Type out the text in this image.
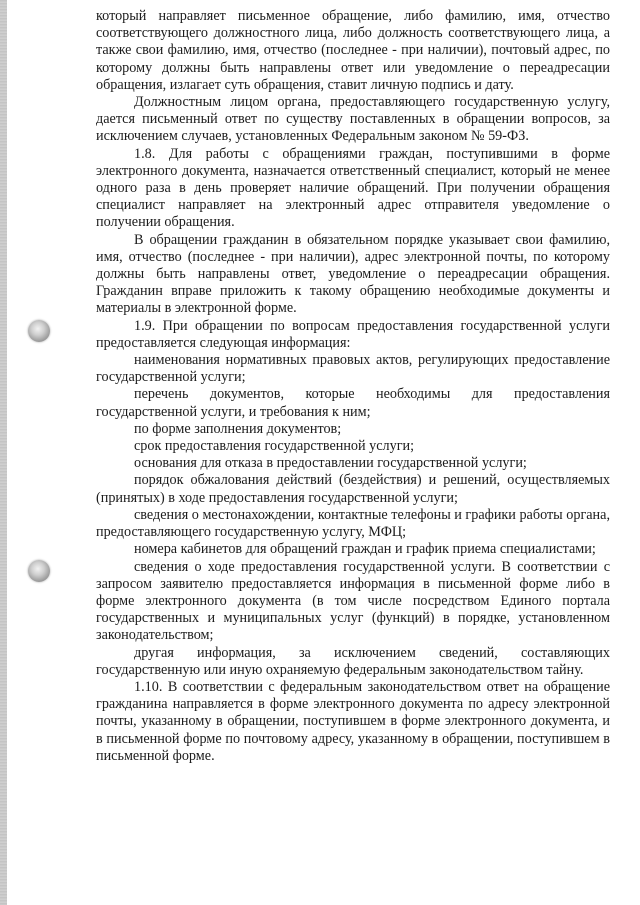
который направляет письменное обращение, либо фамилию, имя, отчество соответствующего должностного лица, либо должность соответствующего лица, а также свои фамилию, имя, отчество (последнее - при наличии), почтовый адрес, по которому должны быть направлены ответ или уведомление о переадресации обращения, излагает суть обращения, ставит личную подпись и дату.

Должностным лицом органа, предоставляющего государственную услугу, дается письменный ответ по существу поставленных в обращении вопросов, за исключением случаев, установленных Федеральным законом № 59-ФЗ.

1.8. Для работы с обращениями граждан, поступившими в форме электронного документа, назначается ответственный специалист, который не менее одного раза в день проверяет наличие обращений. При получении обращения специалист направляет на электронный адрес отправителя уведомление о получении обращения.

В обращении гражданин в обязательном порядке указывает свои фамилию, имя, отчество (последнее - при наличии), адрес электронной почты, по которому должны быть направлены ответ, уведомление о переадресации обращения. Гражданин вправе приложить к такому обращению необходимые документы и материалы в электронной форме.

1.9. При обращении по вопросам предоставления государственной услуги предоставляется следующая информация:

наименования нормативных правовых актов, регулирующих предоставление государственной услуги;

перечень документов, которые необходимы для предоставления государственной услуги, и требования к ним;

по форме заполнения документов;

срок предоставления государственной услуги;

основания для отказа в предоставлении государственной услуги;

порядок обжалования действий (бездействия) и решений, осуществляемых (принятых) в ходе предоставления государственной услуги;

сведения о местонахождении, контактные телефоны и графики работы органа, предоставляющего государственную услугу, МФЦ;

номера кабинетов для обращений граждан и график приема специалистами;

сведения о ходе предоставления государственной услуги. В соответствии с запросом заявителю предоставляется информация в письменной форме либо в форме электронного документа (в том числе посредством Единого портала государственных и муниципальных услуг (функций) в порядке, установленном законодательством;

другая информация, за исключением сведений, составляющих государственную или иную охраняемую федеральным законодательством тайну.

1.10. В соответствии с федеральным законодательством ответ на обращение гражданина направляется в форме электронного документа по адресу электронной почты, указанному в обращении, поступившем в форме электронного документа, и в письменной форме по почтовому адресу, указанному в обращении, поступившем в письменной форме.
